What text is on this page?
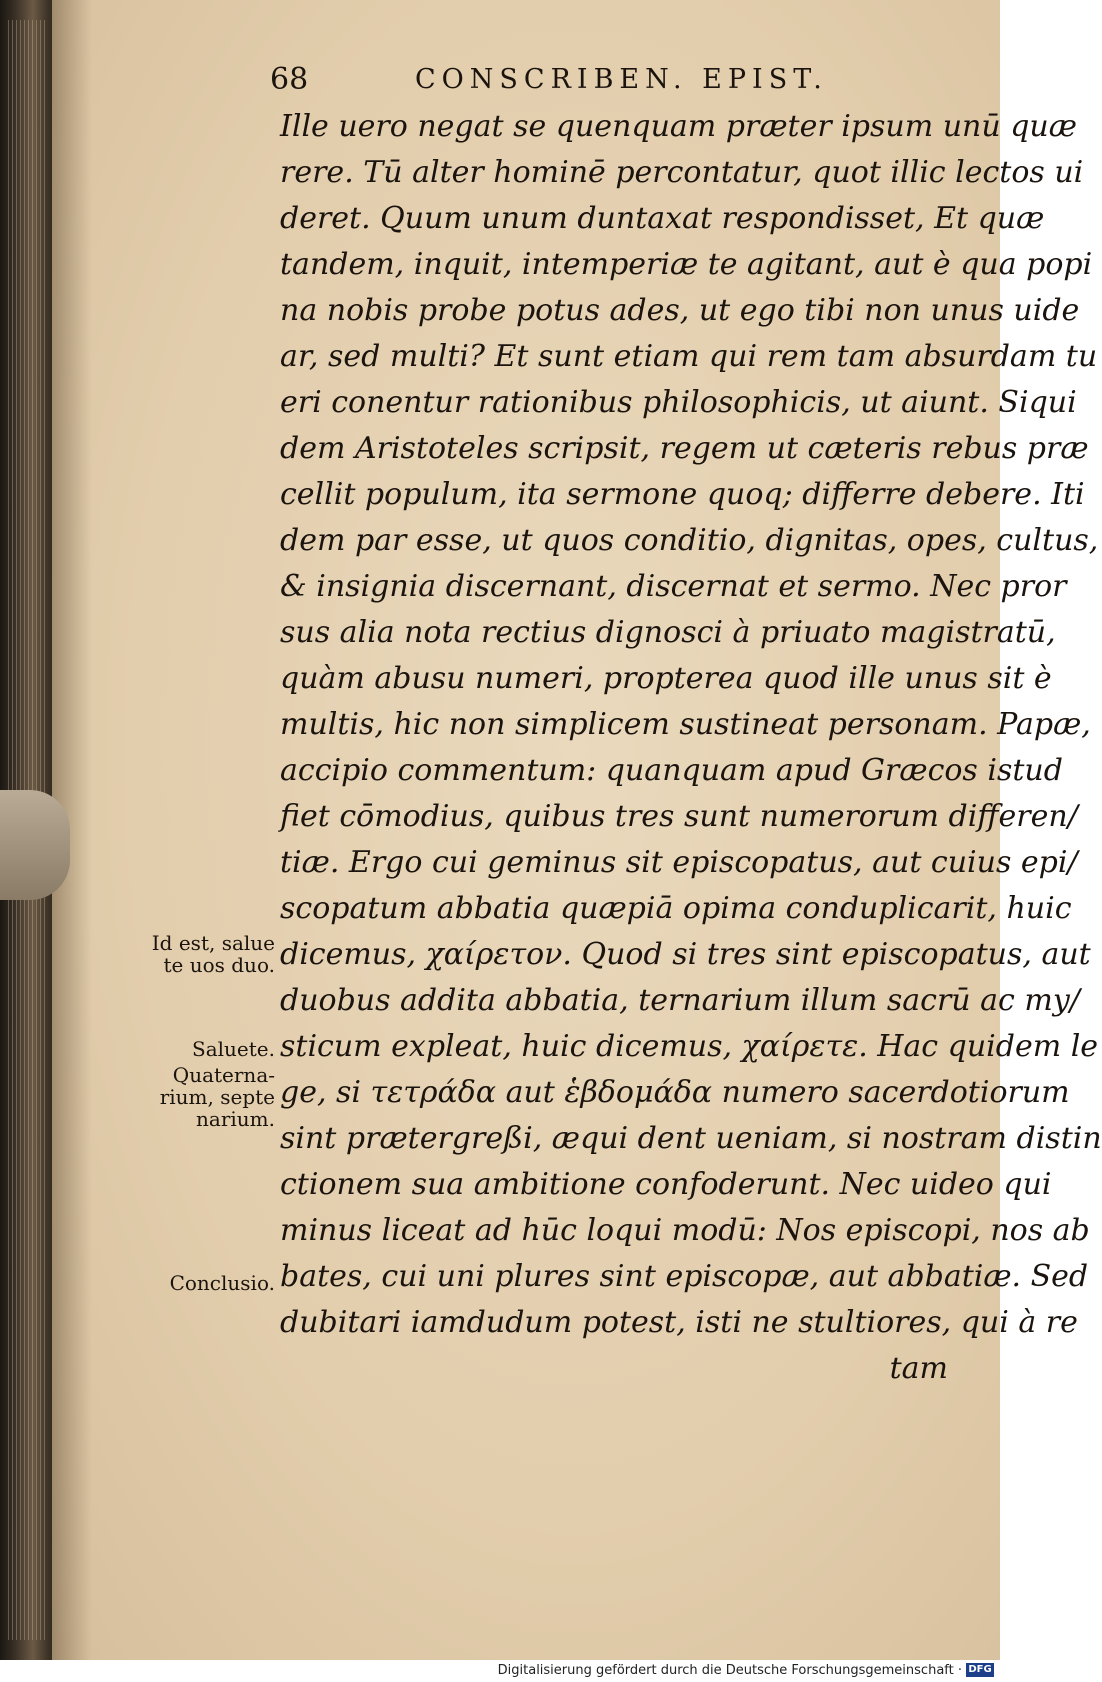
68	CONSCRIBEN. EPIST.
Ille uero negat se quenquam præter ipsum unū quæ
rere. Tū alter hominē percontatur, quot illic lectos ui
deret. Quum unum duntaxat respondisset, Et quæ
tandem, inquit, intemperiæ te agitant, aut è qua popi
na nobis probe potus ades, ut ego tibi non unus uide
ar, sed multi? Et sunt etiam qui rem tam absurdam tu
eri conentur rationibus philosophicis, ut aiunt. Siqui
dem Aristoteles scripsit, regem ut cæteris rebus præ
cellit populum, ita sermone quoq; differre debere. Iti
dem par esse, ut quos conditio, dignitas, opes, cultus,
& insignia discernant, discernat et sermo. Nec pror
sus alia nota rectius dignosci à priuato magistratū,
quàm abusu numeri, propterea quod ille unus sit è
multis, hic non simplicem sustineat personam. Papæ,
accipio commentum: quanquam apud Græcos istud
fiet cōmodius, quibus tres sunt numerorum differen/
tiæ. Ergo cui geminus sit episcopatus, aut cuius epi/
scopatum abbatia quæpiā opima conduplicarit, huic
dicemus, χαίρετον. Quod si tres sint episcopatus, aut
duobus addita abbatia, ternarium illum sacrū ac my/
sticum expleat, huic dicemus, χαίρετε. Hac quidem le
ge, si τετράδα aut ἑβδομάδα numero sacerdotiorum
sint prætergreßi, æqui dent ueniam, si nostram distin
ctionem sua ambitione confoderunt. Nec uideo qui
minus liceat ad hūc loqui modū: Nos episcopi, nos ab
bates, cui uni plures sint episcopæ, aut abbatiæ. Sed
dubitari iamdudum potest, isti ne stultiores, qui à re
tam
Id est, salue
te uos duo.
Saluete.
Quaterna-
rium, septe
narium.
Conclusio.
Digitalisierung gefördert durch die Deutsche Forschungsgemeinschaft · DFG
